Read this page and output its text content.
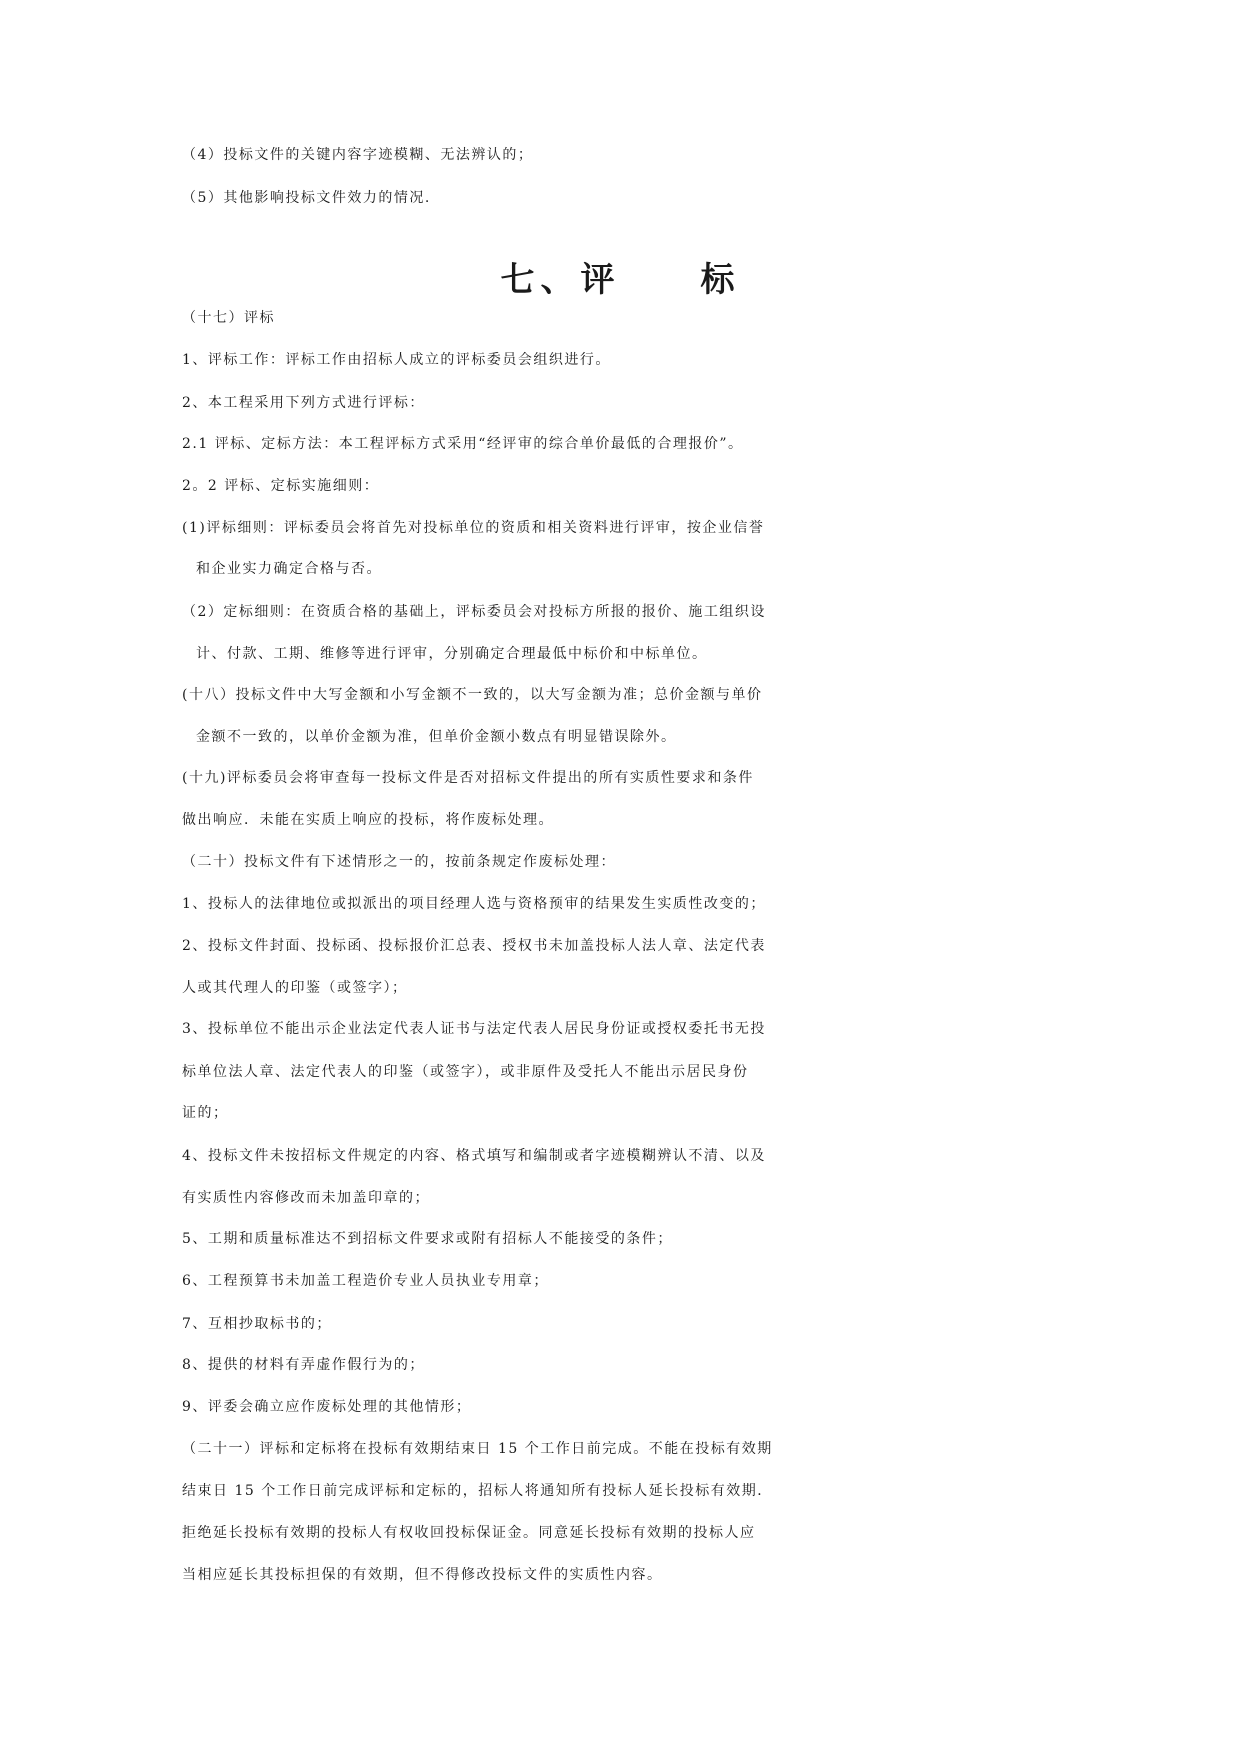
（4）投标文件的关键内容字迹模糊、无法辨认的；
（5）其他影响投标文件效力的情况.
七、评　　标
（十七）评标
1、评标工作：评标工作由招标人成立的评标委员会组织进行。
2、本工程采用下列方式进行评标：
2.1 评标、定标方法：本工程评标方式采用“经评审的综合单价最低的合理报价”。
2。2 评标、定标实施细则：
(1)评标细则：评标委员会将首先对投标单位的资质和相关资料进行评审，按企业信誉
和企业实力确定合格与否。
（2）定标细则：在资质合格的基础上，评标委员会对投标方所报的报价、施工组织设
计、付款、工期、维修等进行评审，分别确定合理最低中标价和中标单位。
(十八）投标文件中大写金额和小写金额不一致的，以大写金额为准；总价金额与单价
金额不一致的，以单价金额为准，但单价金额小数点有明显错误除外。
(十九)评标委员会将审查每一投标文件是否对招标文件提出的所有实质性要求和条件
做出响应．未能在实质上响应的投标，将作废标处理。
（二十）投标文件有下述情形之一的，按前条规定作废标处理：
1、投标人的法律地位或拟派出的项目经理人选与资格预审的结果发生实质性改变的；
2、投标文件封面、投标函、投标报价汇总表、授权书未加盖投标人法人章、法定代表
人或其代理人的印鉴（或签字）；
3、投标单位不能出示企业法定代表人证书与法定代表人居民身份证或授权委托书无投
标单位法人章、法定代表人的印鉴（或签字），或非原件及受托人不能出示居民身份
证的；
4、投标文件未按招标文件规定的内容、格式填写和编制或者字迹模糊辨认不清、以及
有实质性内容修改而未加盖印章的；
5、工期和质量标准达不到招标文件要求或附有招标人不能接受的条件；
6、工程预算书未加盖工程造价专业人员执业专用章；
7、互相抄取标书的；
8、提供的材料有弄虚作假行为的；
9、评委会确立应作废标处理的其他情形；
（二十一）评标和定标将在投标有效期结束日 15 个工作日前完成。不能在投标有效期
结束日 15 个工作日前完成评标和定标的，招标人将通知所有投标人延长投标有效期．
拒绝延长投标有效期的投标人有权收回投标保证金。同意延长投标有效期的投标人应
当相应延长其投标担保的有效期，但不得修改投标文件的实质性内容。
